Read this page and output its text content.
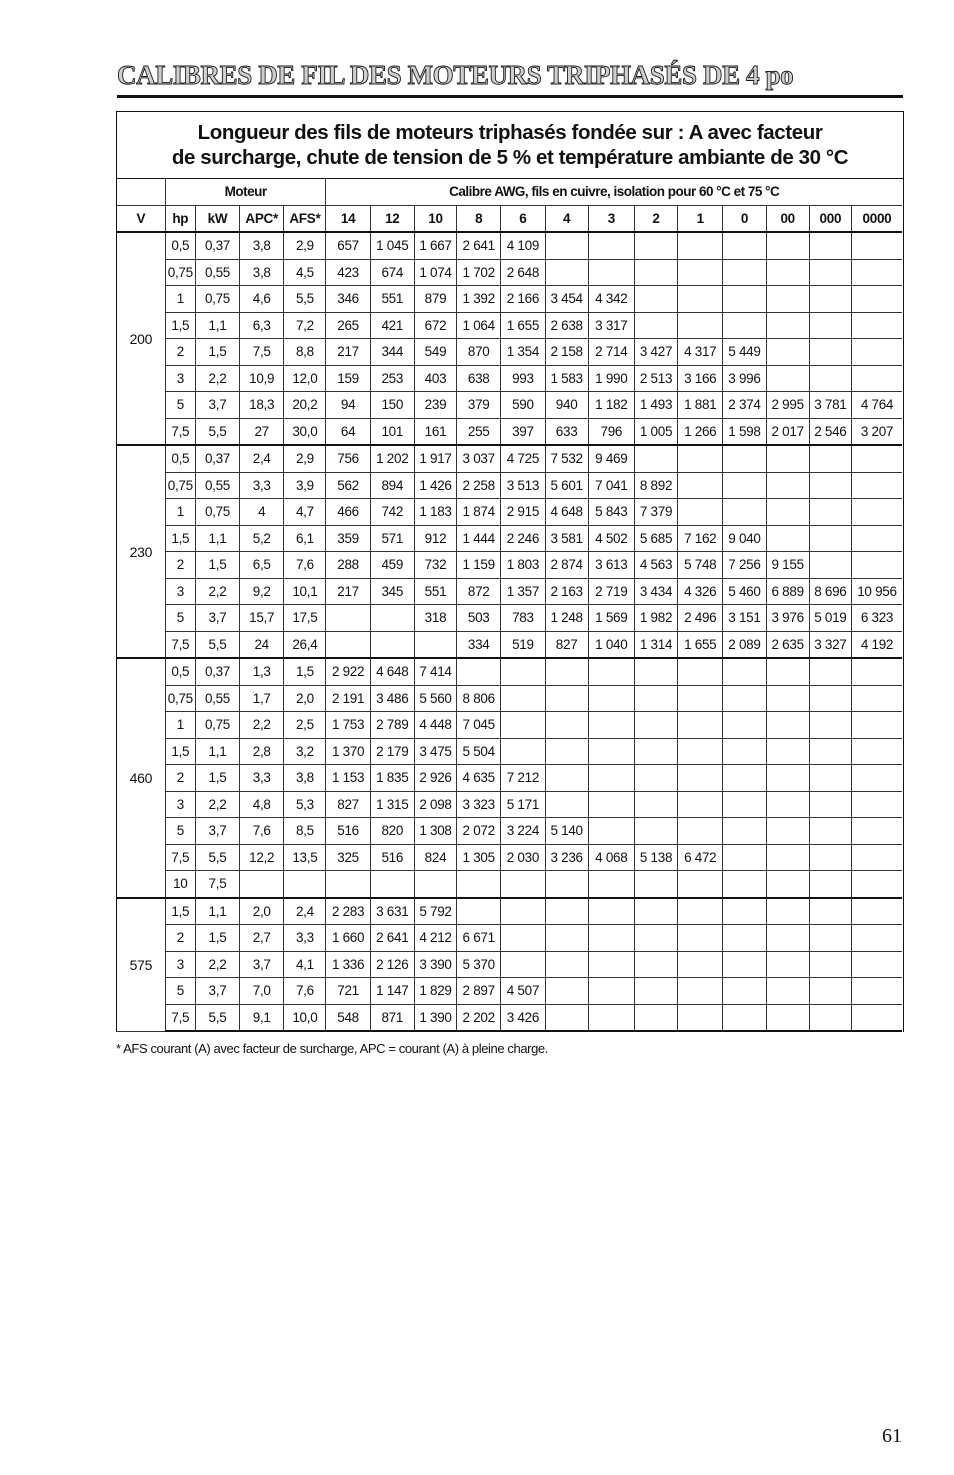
CALIBRES DE FIL DES MOTEURS TRIPHASÉS DE 4 po
Longueur des fils de moteurs triphasés fondée sur : A avec facteur
de surcharge, chute de tension de 5 % et température ambiante de 30 °C
	Moteur				Calibre AWG, fils en cuivre, isolation pour 60 °C et 75 °C												
V	hp	kW	APC*	AFS*	14	12	10	8	6	4	3	2	1	0	00	000	0000
200	0,5	0,37	3,8	2,9	657	1 045	1 667	2 641	4 109								
	0,75	0,55	3,8	4,5	423	674	1 074	1 702	2 648								
	1	0,75	4,6	5,5	346	551	879	1 392	2 166	3 454	4 342						
	1,5	1,1	6,3	7,2	265	421	672	1 064	1 655	2 638	3 317						
	2	1,5	7,5	8,8	217	344	549	870	1 354	2 158	2 714	3 427	4 317	5 449			
	3	2,2	10,9	12,0	159	253	403	638	993	1 583	1 990	2 513	3 166	3 996			
	5	3,7	18,3	20,2	94	150	239	379	590	940	1 182	1 493	1 881	2 374	2 995	3 781	4 764
	7,5	5,5	27	30,0	64	101	161	255	397	633	796	1 005	1 266	1 598	2 017	2 546	3 207
230	0,5	0,37	2,4	2,9	756	1 202	1 917	3 037	4 725	7 532	9 469						
	0,75	0,55	3,3	3,9	562	894	1 426	2 258	3 513	5 601	7 041	8 892					
	1	0,75	4	4,7	466	742	1 183	1 874	2 915	4 648	5 843	7 379					
	1,5	1,1	5,2	6,1	359	571	912	1 444	2 246	3 581	4 502	5 685	7 162	9 040			
	2	1,5	6,5	7,6	288	459	732	1 159	1 803	2 874	3 613	4 563	5 748	7 256	9 155		
	3	2,2	9,2	10,1	217	345	551	872	1 357	2 163	2 719	3 434	4 326	5 460	6 889	8 696	10 956
	5	3,7	15,7	17,5			318	503	783	1 248	1 569	1 982	2 496	3 151	3 976	5 019	6 323
	7,5	5,5	24	26,4				334	519	827	1 040	1 314	1 655	2 089	2 635	3 327	4 192
460	0,5	0,37	1,3	1,5	2 922	4 648	7 414										
	0,75	0,55	1,7	2,0	2 191	3 486	5 560	8 806									
	1	0,75	2,2	2,5	1 753	2 789	4 448	7 045									
	1,5	1,1	2,8	3,2	1 370	2 179	3 475	5 504									
	2	1,5	3,3	3,8	1 153	1 835	2 926	4 635	7 212								
	3	2,2	4,8	5,3	827	1 315	2 098	3 323	5 171								
	5	3,7	7,6	8,5	516	820	1 308	2 072	3 224	5 140							
	7,5	5,5	12,2	13,5	325	516	824	1 305	2 030	3 236	4 068	5 138	6 472				
	10	7,5															
575	1,5	1,1	2,0	2,4	2 283	3 631	5 792										
	2	1,5	2,7	3,3	1 660	2 641	4 212	6 671									
	3	2,2	3,7	4,1	1 336	2 126	3 390	5 370									
	5	3,7	7,0	7,6	721	1 147	1 829	2 897	4 507								
	7,5	5,5	9,1	10,0	548	871	1 390	2 202	3 426								
* AFS courant (A) avec facteur de surcharge, APC = courant (A) à pleine charge.
61
